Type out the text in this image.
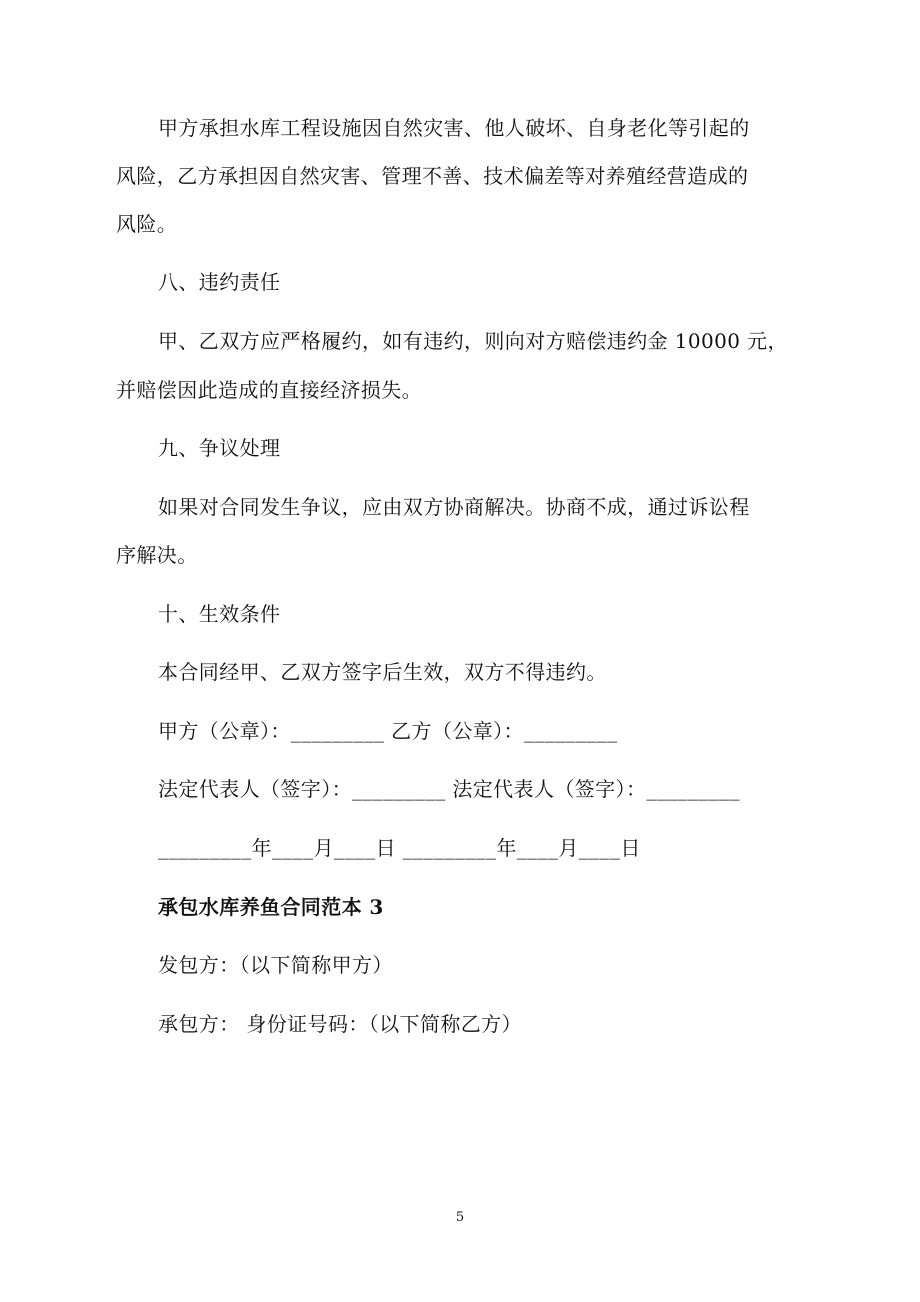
甲方承担水库工程设施因自然灾害、他人破坏、自身老化等引起的
风险，乙方承担因自然灾害、管理不善、技术偏差等对养殖经营造成的
风险。
八、违约责任
甲、乙双方应严格履约，如有违约，则向对方赔偿违约金 10000 元，
并赔偿因此造成的直接经济损失。
九、争议处理
如果对合同发生争议，应由双方协商解决。协商不成，通过诉讼程
序解决。
十、生效条件
本合同经甲、乙双方签字后生效，双方不得违约。
甲方（公章）：_________ 乙方（公章）：_________
法定代表人（签字）：_________ 法定代表人（签字）：_________
_________年____月____日 _________年____月____日
承包水库养鱼合同范本 3
发包方：（以下简称甲方）
承包方： 身份证号码：（以下简称乙方）
5
